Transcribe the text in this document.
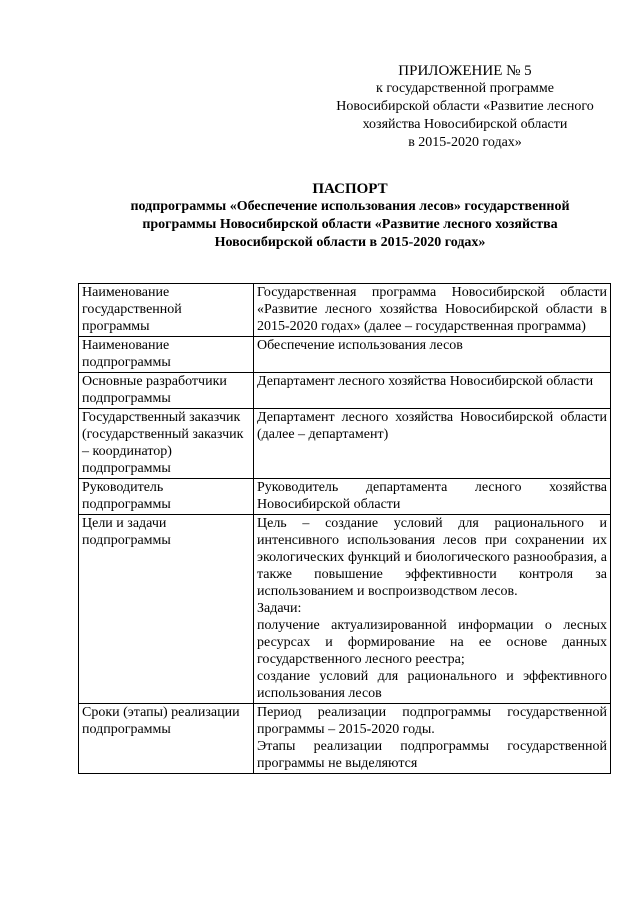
ПРИЛОЖЕНИЕ № 5
к государственной программе
Новосибирской области «Развитие лесного
хозяйства Новосибирской области
в 2015-2020 годах»
ПАСПОРТ
подпрограммы «Обеспечение использования лесов» государственной
программы Новосибирской области «Развитие лесного хозяйства
Новосибирской области в 2015-2020 годах»
Наименование государственной программы	Государственная программа Новосибирской области «Развитие лесного хозяйства Новосибирской области в 2015-2020 годах» (далее – государственная программа)

Наименование подпрограммы	Обеспечение использования лесов

Основные разработчики подпрограммы	Департамент лесного хозяйства Новосибирской области

Государственный заказчик (государственный заказчик – координатор) подпрограммы	Департамент лесного хозяйства Новосибирской области (далее – департамент)

Руководитель подпрограммы	Руководитель департамента лесного хозяйства Новосибирской области

Цели и задачи подпрограммы	Цель – создание условий для рационального и интенсивного использования лесов при сохранении их экологических функций и биологического разнообразия, а также повышение эффективности контроля за использованием и воспроизводством лесов.

Задачи:

получение актуализированной информации о лесных ресурсах и формирование на ее основе данных государственного лесного реестра;

создание условий для рационального и эффективного использования лесов

Сроки (этапы) реализации подпрограммы	Период реализации подпрограммы государственной программы – 2015-2020 годы.

Этапы реализации подпрограммы государственной программы не выделяются
